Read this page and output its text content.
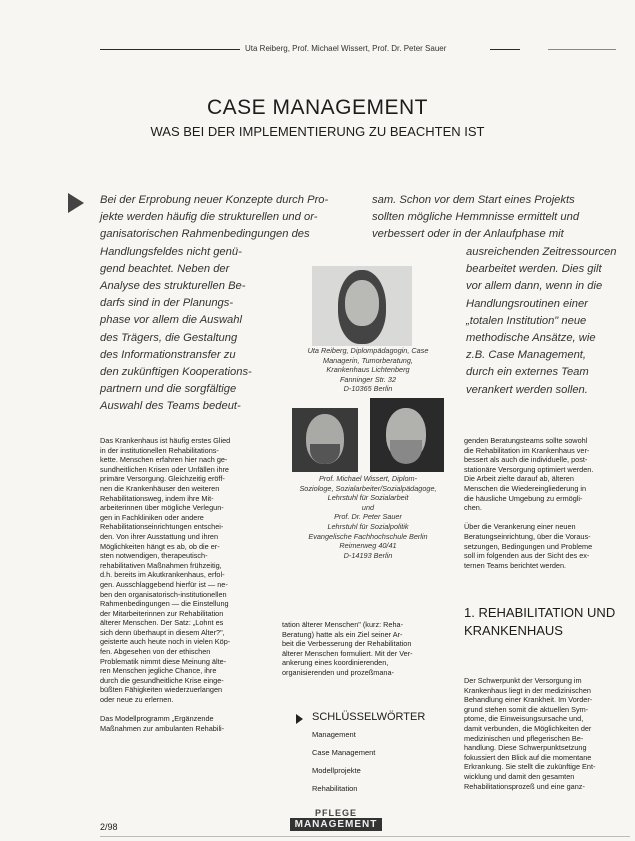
Uta Reiberg, Prof. Michael Wissert, Prof. Dr. Peter Sauer
CASE MANAGEMENT
WAS BEI DER IMPLEMENTIERUNG ZU BEACHTEN IST
Bei der Erprobung neuer Konzepte durch Pro-
jekte werden häufig die strukturellen und or-
ganisatorischen Rahmenbedingungen des
Handlungsfeldes nicht genü-
gend beachtet. Neben der
Analyse des strukturellen Be-
darfs sind in der Planungs-
phase vor allem die Auswahl
des Trägers, die Gestaltung
des Informationstransfer zu
den zukünftigen Kooperations-
partnern und die sorgfältige
Auswahl des Teams bedeut-
sam. Schon vor dem Start eines Projekts
sollten mögliche Hemmnisse ermittelt und
verbessert oder in der Anlaufphase mit
ausreichenden Zeitressourcen
bearbeitet werden. Dies gilt
vor allem dann, wenn in die
Handlungsroutinen einer
„totalen Institution" neue
methodische Ansätze, wie
z.B. Case Management,
durch ein externes Team
verankert werden sollen.
Uta Reiberg, Diplompädagogin, Case
Managerin, Tumorberatung,
Krankenhaus Lichtenberg
Fanninger Str. 32
D-10365 Berlin
Prof. Michael Wissert, Diplom-
Soziologe, Sozialarbeiter/Sozialpädagoge,
Lehrstuhl für Sozialarbeit
und
Prof. Dr. Peter Sauer
Lehrstuhl für Sozialpolitik
Evangelische Fachhochschule Berlin
Reimerweg 40/41
D-14193 Berlin
Das Krankenhaus ist häufig erstes Glied
in der institutionellen Rehabilitations-
kette. Menschen erfahren hier nach ge-
sundheitlichen Krisen oder Unfällen ihre
primäre Versorgung. Gleichzeitig eröff-
nen die Krankenhäuser den weiteren
Rehabilitationsweg, indem ihre Mit-
arbeiterinnen über mögliche Verlegun-
gen in Fachkliniken oder andere
Rehabilitationseinrichtungen entschei-
den. Von ihrer Ausstattung und ihren
Möglichkeiten hängt es ab, ob die er-
sten notwendigen, therapeutisch-
rehabilitativen Maßnahmen frühzeitig,
d.h. bereits im Akutkrankenhaus, erfol-
gen. Ausschlaggebend hierfür ist — ne-
ben den organisatorisch-institutionellen
Rahmenbedingungen — die Einstellung
der Mitarbeiterinnen zur Rehabilitation
älterer Menschen. Der Satz: „Lohnt es
sich denn überhaupt in diesem Alter?",
geisterte auch heute noch in vielen Köp-
fen. Abgesehen von der ethischen
Problematik nimmt diese Meinung älte-
ren Menschen jegliche Chance, ihre
durch die gesundheitliche Krise einge-
büßten Fähigkeiten wiederzuerlangen
oder neue zu erlernen.
Das Modellprogramm „Ergänzende
Maßnahmen zur ambulanten Rehabili-
tation älterer Menschen" (kurz: Reha-
Beratung) hatte als ein Ziel seiner Ar-
beit die Verbesserung der Rehabilitation
älterer Menschen formuliert. Mit der Ver-
ankerung eines koordinierenden,
organisierenden und prozeßmana-
SCHLÜSSELWÖRTER
Management
Case Management
Modellprojekte
Rehabilitation
genden Beratungsteams sollte sowohl
die Rehabilitation im Krankenhaus ver-
bessert als auch die individuelle, post-
stationäre Versorgung optimiert werden.
Die Arbeit zielte darauf ab, älteren
Menschen die Wiedereingliederung in
die häusliche Umgebung zu ermögli-
chen.
Über die Verankerung einer neuen
Beratungseinrichtung, über die Voraus-
setzungen, Bedingungen und Probleme
soll im folgenden aus der Sicht des ex-
ternen Teams berichtet werden.
1. REHABILITATION UND
KRANKENHAUS
Der Schwerpunkt der Versorgung im
Krankenhaus liegt in der medizinischen
Behandlung einer Krankheit. Im Vorder-
grund stehen somit die aktuellen Sym-
ptome, die Einweisungsursache und,
damit verbunden, die Möglichkeiten der
medizinischen und pflegerischen Be-
handlung. Diese Schwerpunktsetzung
fokussiert den Blick auf die momentane
Erkrankung. Sie stellt die zukünftige Ent-
wicklung und damit den gesamten
Rehabilitationsprozeß und eine ganz-
2/98
PFLEGE
MANAGEMENT
